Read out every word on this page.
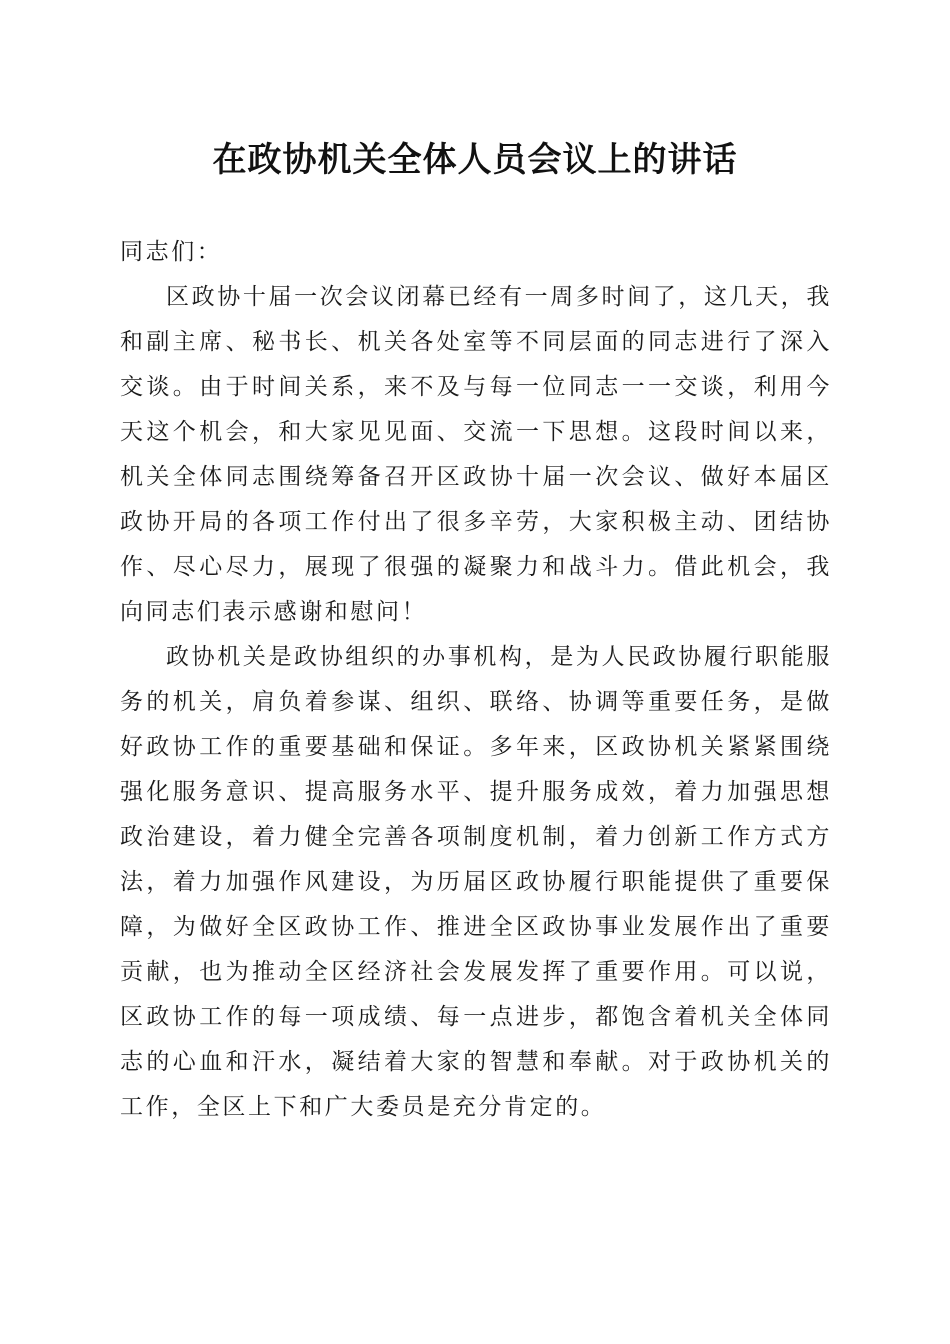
在政协机关全体人员会议上的讲话

同志们：

区政协十届一次会议闭幕已经有一周多时间了，这几天，我和副主席、秘书长、机关各处室等不同层面的同志进行了深入交谈。由于时间关系，来不及与每一位同志一一交谈，利用今天这个机会，和大家见见面、交流一下思想。这段时间以来，机关全体同志围绕筹备召开区政协十届一次会议、做好本届区政协开局的各项工作付出了很多辛劳，大家积极主动、团结协作、尽心尽力，展现了很强的凝聚力和战斗力。借此机会，我向同志们表示感谢和慰问！

政协机关是政协组织的办事机构，是为人民政协履行职能服务的机关，肩负着参谋、组织、联络、协调等重要任务，是做好政协工作的重要基础和保证。多年来，区政协机关紧紧围绕强化服务意识、提高服务水平、提升服务成效，着力加强思想政治建设，着力健全完善各项制度机制，着力创新工作方式方法，着力加强作风建设，为历届区政协履行职能提供了重要保障，为做好全区政协工作、推进全区政协事业发展作出了重要贡献，也为推动全区经济社会发展发挥了重要作用。可以说，区政协工作的每一项成绩、每一点进步，都饱含着机关全体同志的心血和汗水，凝结着大家的智慧和奉献。对于政协机关的工作，全区上下和广大委员是充分肯定的。
